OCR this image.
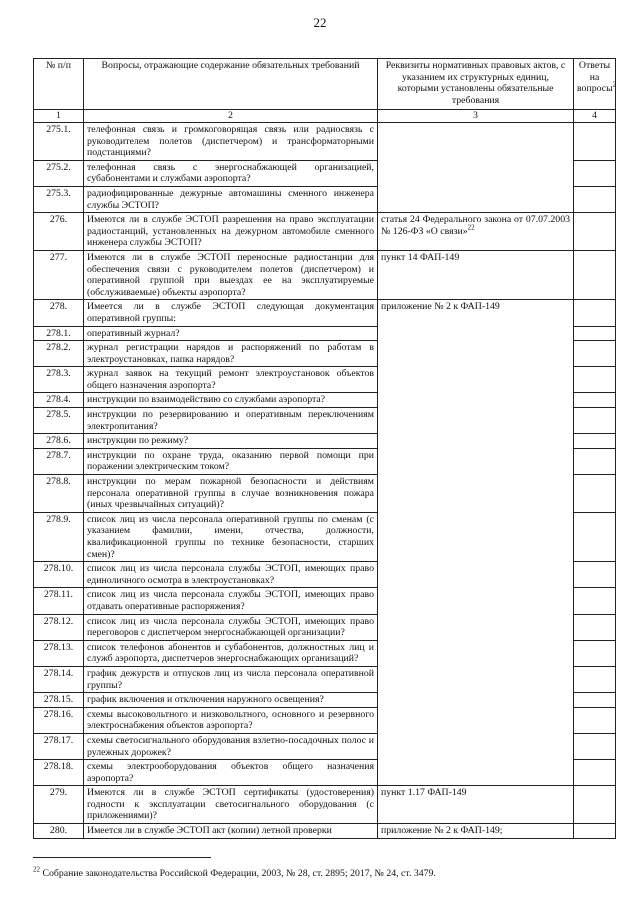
22
№ п/п	Вопросы, отражающие содержание обязательных требований	Реквизиты нормативных правовых актов, с указанием их структурных единиц, которыми установлены обязательные требования	Ответы на вопросы$^2$
1	2	3	4
275.1.	телефонная связь и громкоговорящая связь или радиосвязь с руководителем полетов (диспетчером) и трансформаторными подстанциями?		
275.2.	телефонная связь с энергоснабжающей организацией, субабонентами и службами аэропорта?		
275.3.	радиофицированные дежурные автомашины сменного инженера службы ЭСТОП?		
276.	Имеются ли в службе ЭСТОП разрешения на право эксплуатации радиостанций, установленных на дежурном автомобиле сменного инженера службы ЭСТОП?	статья 24 Федерального закона от 07.07.2003 № 126-ФЗ «О связи»$^{22}$	
277.	Имеются ли в службе ЭСТОП переносные радиостанции для обеспечения связи с руководителем полетов (диспетчером) и оперативной группой при выездах ее на эксплуатируемые (обслуживаемые) объекты аэропорта?	пункт 14 ФАП-149	
278.	Имеется ли в службе ЭСТОП следующая документация оперативной группы:	приложение № 2 к ФАП-149	
278.1.	оперативный журнал?		
278.2.	журнал регистрации нарядов и распоряжений по работам в электроустановках, папка нарядов?		
278.3.	журнал заявок на текущий ремонт электроустановок объектов общего назначения аэропорта?		
278.4.	инструкции по взаимодействию со службами аэропорта?		
278.5.	инструкции по резервированию и оперативным переключениям электропитания?		
278.6.	инструкции по режиму?		
278.7.	инструкции по охране труда, оказанию первой помощи при поражении электрическим током?		
278.8.	инструкции по мерам пожарной безопасности и действиям персонала оперативной группы в случае возникновения пожара (иных чрезвычайных ситуаций)?		
278.9.	список лиц из числа персонала оперативной группы по сменам (с указанием фамилии, имени, отчества, должности, квалификационной группы по технике безопасности, старших смен)?		
278.10.	список лиц из числа персонала службы ЭСТОП, имеющих право единоличного осмотра в электроустановках?		
278.11.	список лиц из числа персонала службы ЭСТОП, имеющих право отдавать оперативные распоряжения?		
278.12.	список лиц из числа персонала службы ЭСТОП, имеющих право переговоров с диспетчером энергоснабжающей организации?		
278.13.	список телефонов абонентов и субабонентов, должностных лиц и служб аэропорта, диспетчеров энергоснабжающих организаций?		
278.14.	график дежурств и отпусков лиц из числа персонала оперативной группы?		
278.15.	график включения и отключения наружного освещения?		
278.16.	схемы высоковольтного и низковольтного, основного и резервного электроснабжения объектов аэропорта?		
278.17.	схемы светосигнального оборудования взлетно-посадочных полос и рулежных дорожек?		
278.18.	схемы электрооборудования объектов общего назначения аэропорта?		
279.	Имеются ли в службе ЭСТОП сертификаты (удостоверения) годности к эксплуатации светосигнального оборудования (с приложениями)?	пункт 1.17 ФАП-149	
280.	Имеется ли в службе ЭСТОП акт (копии) летной проверки	приложение № 2 к ФАП-149;	
$^{22}$ Собрание законодательства Российской Федерации, 2003, № 28, ст. 2895; 2017, № 24, ст. 3479.
